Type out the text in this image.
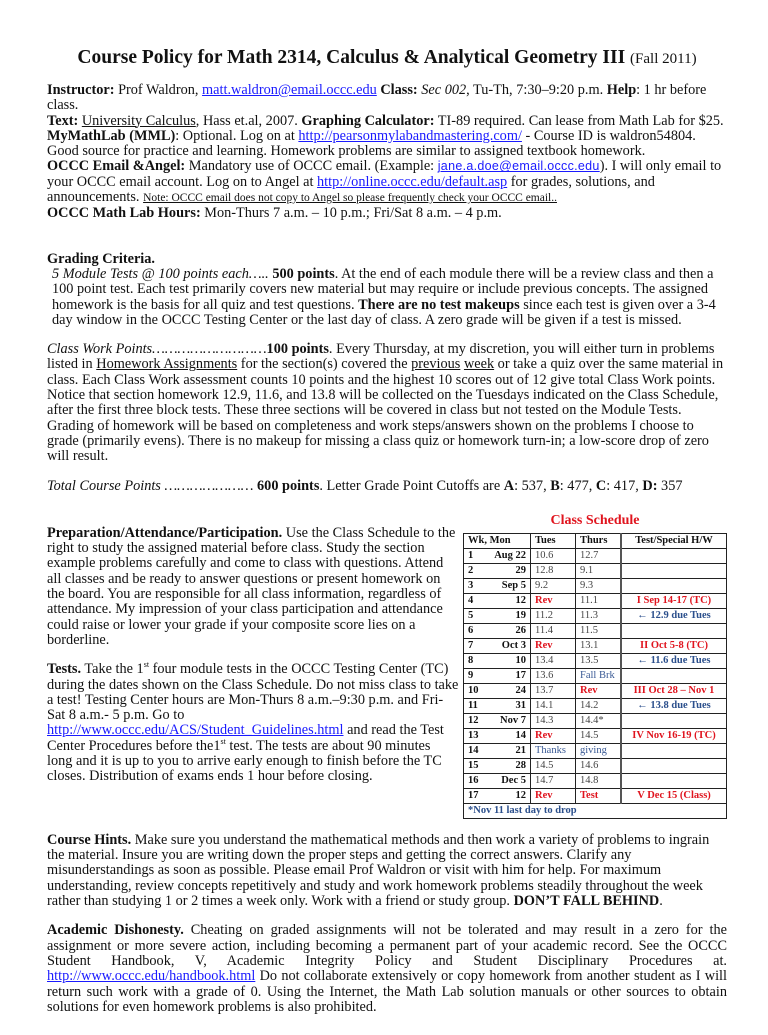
Course Policy for Math 2314, Calculus & Analytical Geometry III (Fall 2011)

Instructor: Prof Waldron, matt.waldron@email.occc.edu Class: Sec 002, Tu-Th, 7:30–9:20 p.m. Help: 1 hr before class.

Text: University Calculus, Hass et.al, 2007. Graphing Calculator: TI-89 required. Can lease from Math Lab for $25.

MyMathLab (MML): Optional. Log on at http://pearsonmylabandmastering.com/ - Course ID is waldron54804. Good source for practice and learning. Homework problems are similar to assigned textbook homework.

OCCC Email &Angel: Mandatory use of OCCC email. (Example: jane.a.doe@email.occc.edu). I will only email to your OCCC email account. Log on to Angel at http://online.occc.edu/default.asp for grades, solutions, and announcements. Note: OCCC email does not copy to Angel so please frequently check your OCCC email..

OCCC Math Lab Hours: Mon-Thurs 7 a.m. – 10 p.m.; Fri/Sat 8 a.m. – 4 p.m.

Grading Criteria.

5 Module Tests @ 100 points each….. 500 points. At the end of each module there will be a review class and then a 100 point test. Each test primarily covers new material but may require or include previous concepts. The assigned homework is the basis for all quiz and test questions. There are no test makeups since each test is given over a 3-4 day window in the OCCC Testing Center or the last day of class. A zero grade will be given if a test is missed.

Class Work Points………………………100 points. Every Thursday, at my discretion, you will either turn in problems listed in Homework Assignments for the section(s) covered the previous week or take a quiz over the same material in class. Each Class Work assessment counts 10 points and the highest 10 scores out of 12 give total Class Work points. Notice that section homework 12.9, 11.6, and 13.8 will be collected on the Tuesdays indicated on the Class Schedule, after the first three block tests. These three sections will be covered in class but not tested on the Module Tests. Grading of homework will be based on completeness and work steps/answers shown on the problems I choose to grade (primarily evens). There is no makeup for missing a class quiz or homework turn-in; a low-score drop of zero will result.

Total Course Points ………………… 600 points. Letter Grade Point Cutoffs are A: 537, B: 477, C: 417, D: 357

Preparation/Attendance/Participation. Use the Class Schedule to the right to study the assigned material before class. Study the section example problems carefully and come to class with questions. Attend all classes and be ready to answer questions or present homework on the board. You are responsible for all class information, regardless of attendance. My impression of your class participation and attendance could raise or lower your grade if your composite score lies on a borderline.

Tests. Take the 1st four module tests in the OCCC Testing Center (TC) during the dates shown on the Class Schedule. Do not miss class to take a test! Testing Center hours are Mon-Thurs 8 a.m.–9:30 p.m. and Fri-Sat 8 a.m.- 5 p.m. Go to http://www.occc.edu/ACS/Student_Guidelines.html and read the Test Center Procedures before the1st test. The tests are about 90 minutes long and it is up to you to arrive early enough to finish before the TC closes. Distribution of exams ends 1 hour before closing.

Class Schedule
Wk, Mon	Tues	Thurs	Test/Special H/W
1 Aug 22	10.6	12.7	
2 29	12.8	9.1	
3 Sep 5	9.2	9.3	
4 12	Rev	11.1	I Sep 14-17 (TC)
5 19	11.2	11.3	← 12.9 due Tues
6 26	11.4	11.5	
7 Oct 3	Rev	13.1	II Oct 5-8 (TC)
8 10	13.4	13.5	← 11.6 due Tues
9 17	13.6	Fall Brk	
10 24	13.7	Rev	III Oct 28 – Nov 1
11 31	14.1	14.2	← 13.8 due Tues
12 Nov 7	14.3	14.4*	
13 14	Rev	14.5	IV Nov 16-19 (TC)
14 21	Thanks	giving	
15 28	14.5	14.6	
16 Dec 5	14.7	14.8	
17 12	Rev	Test	V Dec 15 (Class)
*Nov 11 last day to drop			

Course Hints. Make sure you understand the mathematical methods and then work a variety of problems to ingrain the material. Insure you are writing down the proper steps and getting the correct answers. Clarify any misunderstandings as soon as possible. Please email Prof Waldron or visit with him for help. For maximum understanding, review concepts repetitively and study and work homework problems steadily throughout the week rather than studying 1 or 2 times a week only. Work with a friend or study group. DON’T FALL BEHIND.

Academic Dishonesty. Cheating on graded assignments will not be tolerated and may result in a zero for the assignment or more severe action, including becoming a permanent part of your academic record. See the OCCC Student Handbook, V, Academic Integrity Policy and Student Disciplinary Procedures at. http://www.occc.edu/handbook.html Do not collaborate extensively or copy homework from another student as I will return such work with a grade of 0. Using the Internet, the Math Lab solution manuals or other sources to obtain solutions for even homework problems is also prohibited.
